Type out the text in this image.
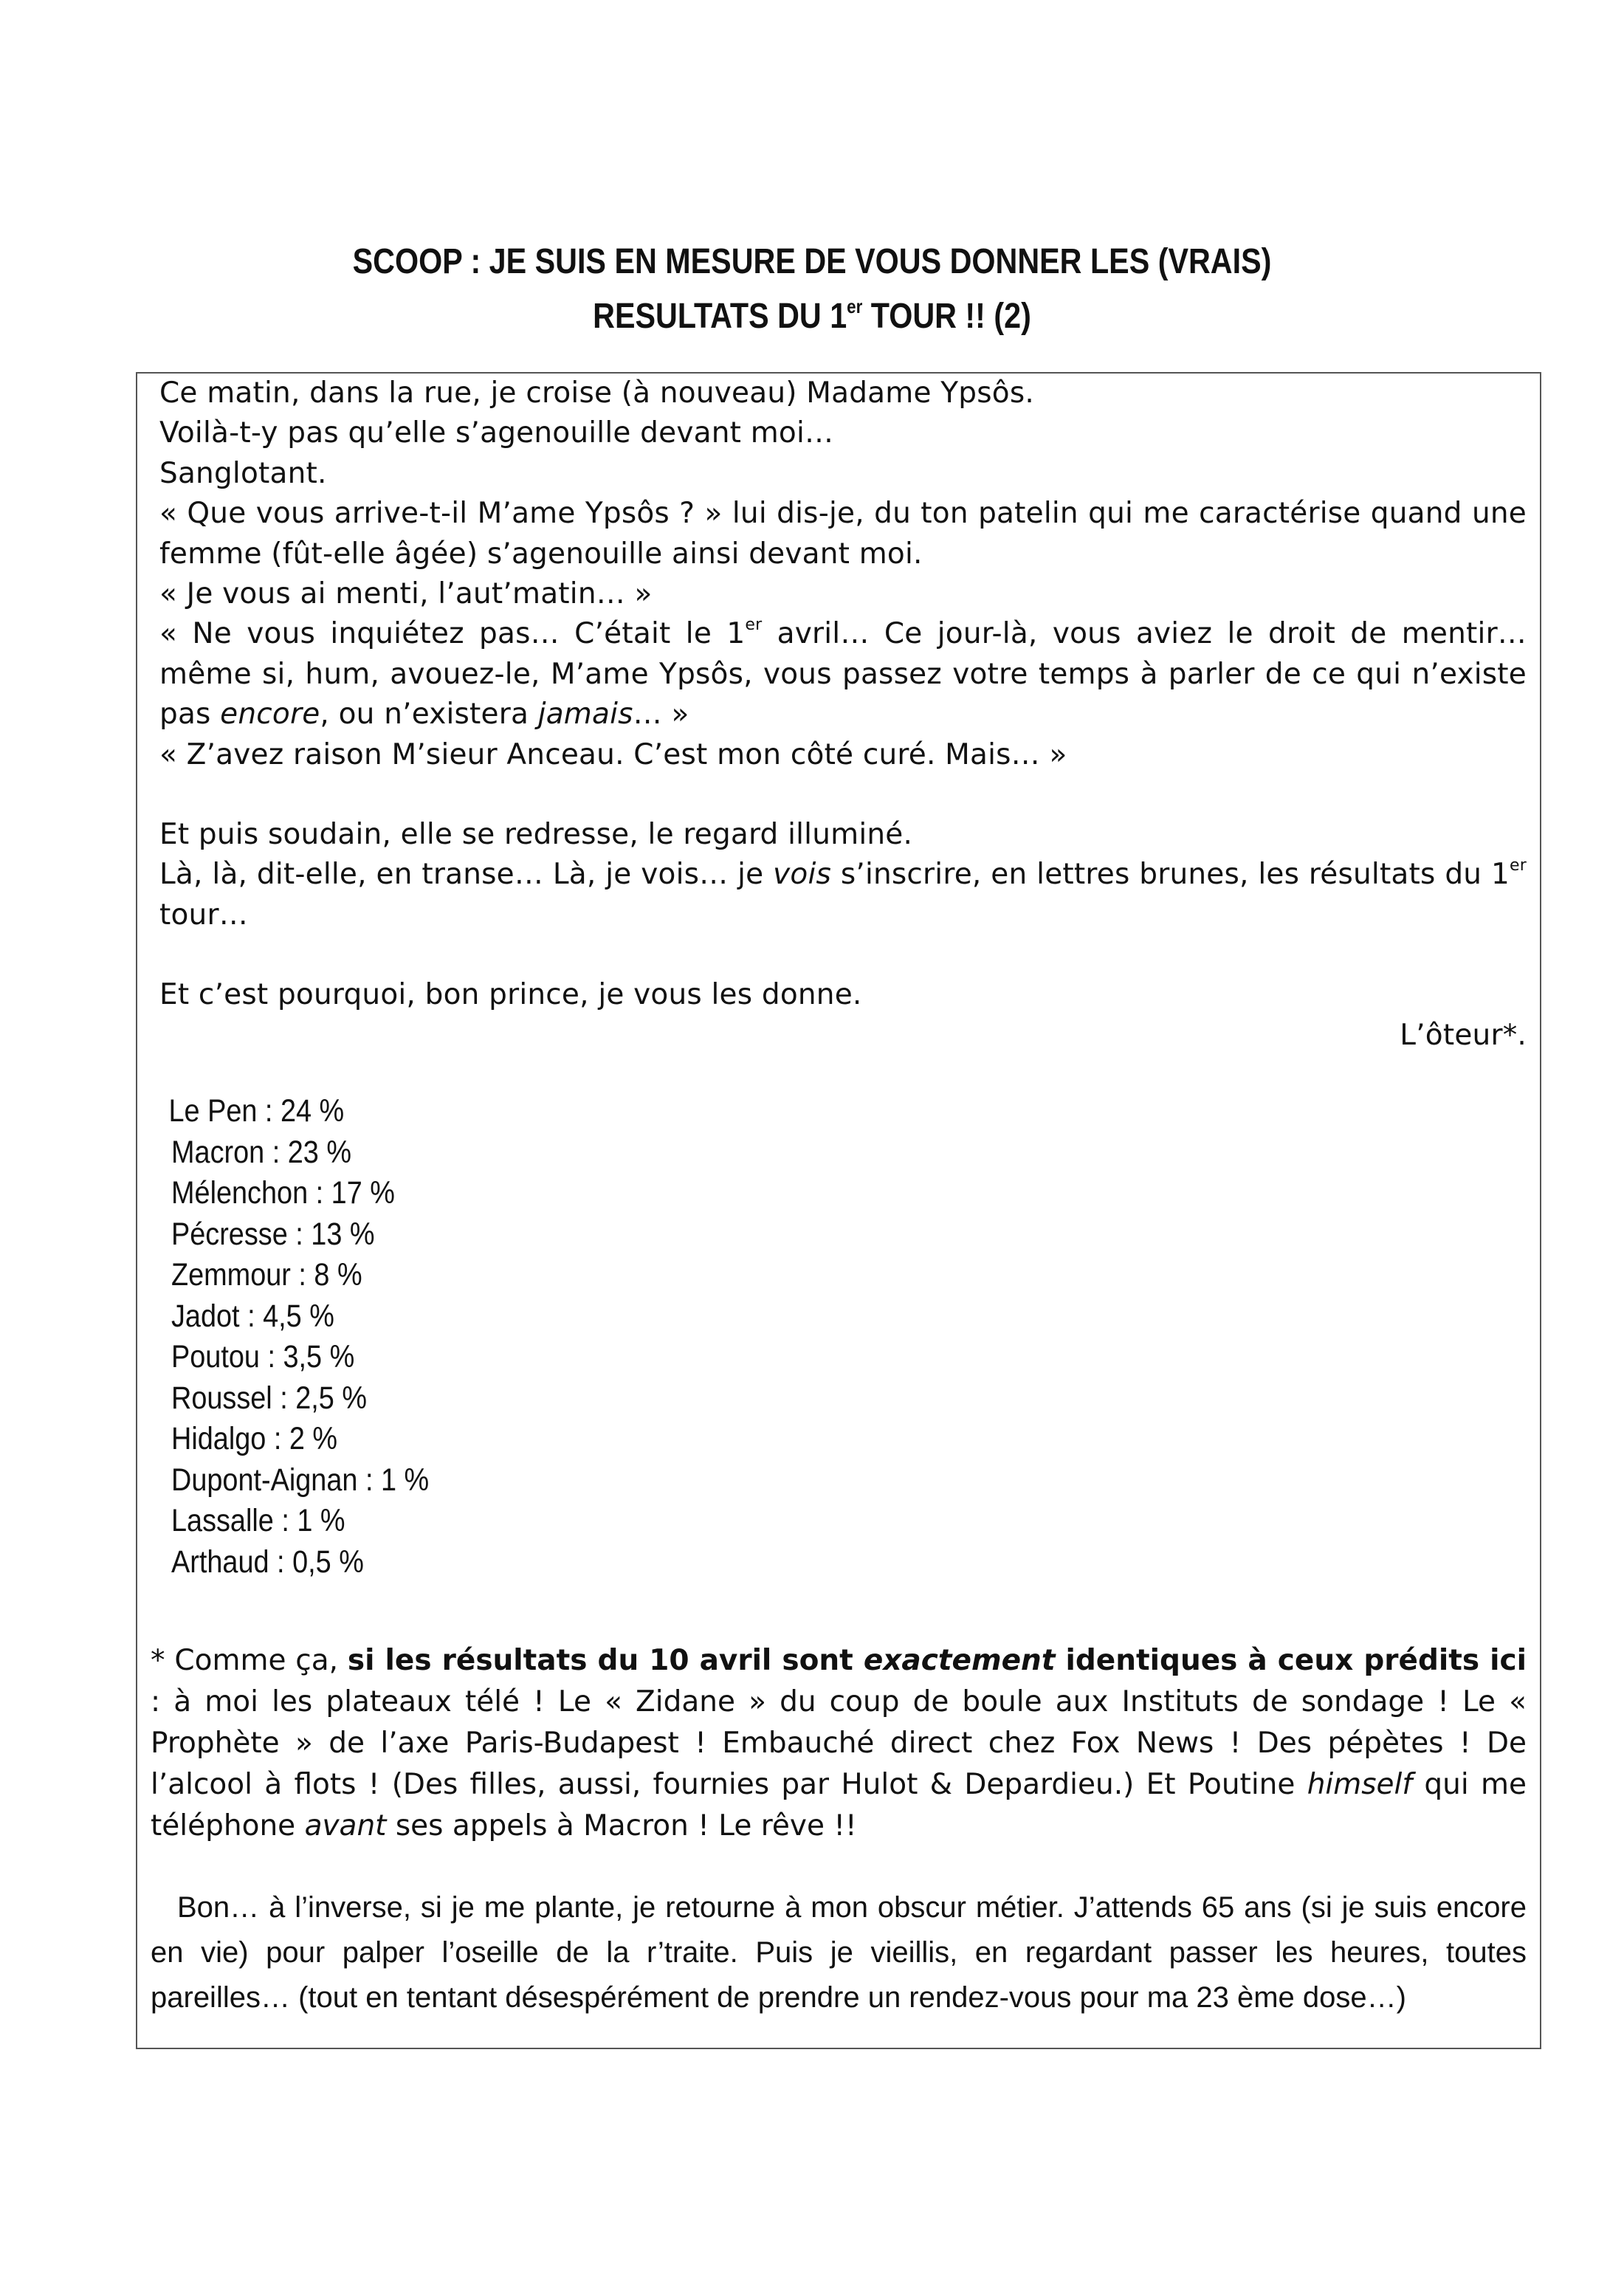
SCOOP : JE SUIS EN MESURE DE VOUS DONNER LES (VRAIS)
RESULTATS DU 1er TOUR !! (2)

Ce matin, dans la rue, je croise (à nouveau) Madame Ypsôs.

Voilà-t-y pas qu’elle s’agenouille devant moi…

Sanglotant.

« Que vous arrive-t-il M’ame Ypsôs ? » lui dis-je, du ton patelin qui me caractérise quand une femme (fût-elle âgée) s’agenouille ainsi devant moi.

« Je vous ai menti, l’aut’matin… »

« Ne vous inquiétez pas… C’était le 1er avril… Ce jour-là, vous aviez le droit de mentir… même si, hum, avouez-le, M’ame Ypsôs, vous passez votre temps à parler de ce qui n’existe pas encore, ou n’existera jamais… »

« Z’avez raison M’sieur Anceau. C’est mon côté curé. Mais… »

Et puis soudain, elle se redresse, le regard illuminé.

Là, là, dit-elle, en transe… Là, je vois… je vois s’inscrire, en lettres brunes, les résultats du 1er tour…

Et c’est pourquoi, bon prince, je vous les donne.

L’ôteur*.

Le Pen : 24 %
Macron : 23 %
Mélenchon : 17 %
Pécresse : 13 %
Zemmour : 8 %
Jadot : 4,5 %
Poutou : 3,5 %
Roussel : 2,5 %
Hidalgo : 2 %
Dupont-Aignan : 1 %
Lassalle : 1 %
Arthaud : 0,5 %
* Comme ça, si les résultats du 10 avril sont exactement identiques à ceux prédits ici : à moi les plateaux télé ! Le « Zidane » du coup de boule aux Instituts de sondage ! Le « Prophète » de l’axe Paris-Budapest ! Embauché direct chez Fox News ! Des pépètes ! De l’alcool à flots ! (Des filles, aussi, fournies par Hulot & Depardieu.) Et Poutine himself qui me téléphone avant ses appels à Macron ! Le rêve !!
Bon… à l’inverse, si je me plante, je retourne à mon obscur métier. J’attends 65 ans (si je suis encore en vie) pour palper l’oseille de la r’traite. Puis je vieillis, en regardant passer les heures, toutes pareilles… (tout en tentant désespérément de prendre un rendez-vous pour ma 23 ème dose…)
